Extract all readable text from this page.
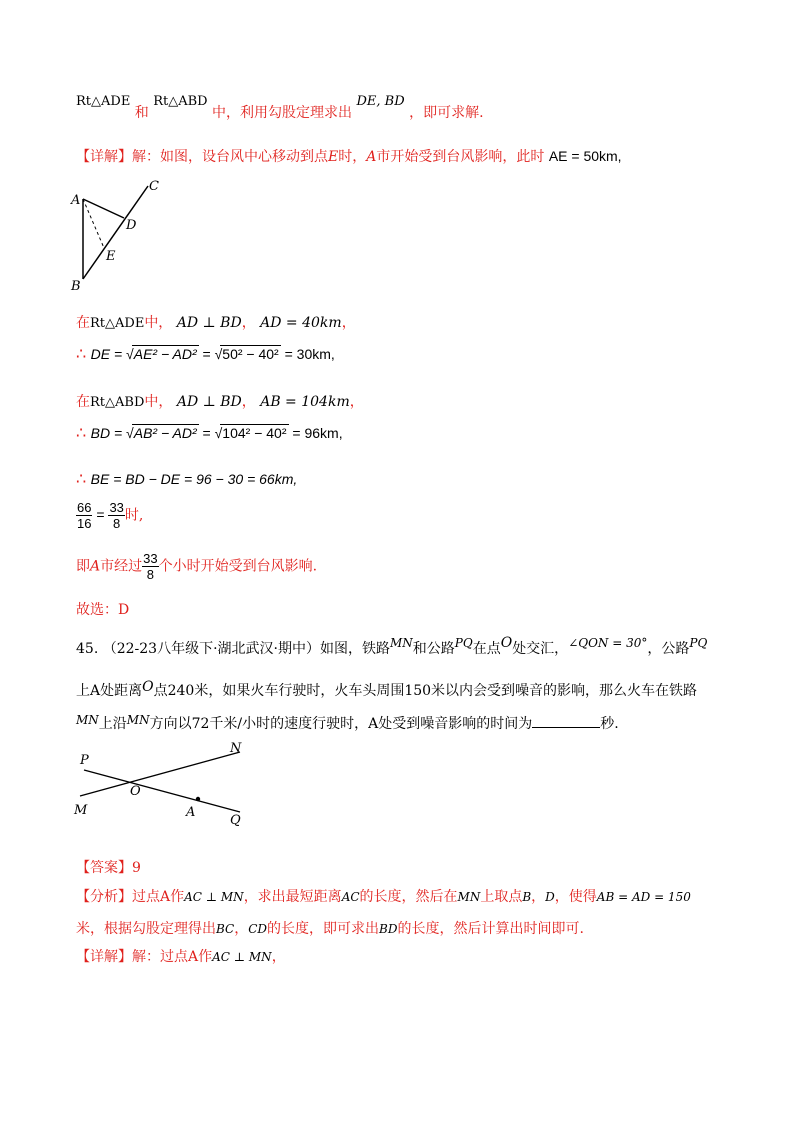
Rt△ADE 和 Rt△ABD 中，利用勾股定理求出 DE, BD ，即可求解.
【详解】解：如图，设台风中心移动到点E时，A市开始受到台风影响，此时 AE = 50km,
A
C
D
E
B
在Rt△ADE中， AD ⊥ BD， AD = 40km，
∴ DE = √AE² − AD² = √50² − 40² = 30km,
在Rt△ABD中， AD ⊥ BD， AB = 104km，
∴ BD = √AB² − AD² = √104² − 40² = 96km,
∴ BE = BD − DE = 96 − 30 = 66km,
$\frac{66}{16} = \frac{33}{8}$ 时,
即A市经过 $\frac{33}{8}$ 个小时开始受到台风影响.
故选：D
45. （22-23八年级下·湖北武汉·期中）如图，铁路MN和公路PQ在点O处交汇，∠QON = 30°，公路PQ
上A处距离O点240米，如果火车行驶时，火车头周围150米以内会受到噪音的影响，那么火车在铁路
MN上沿MN方向以72千米/小时的速度行驶时，A处受到噪音影响的时间为	秒.
P
N
O
M	A
Q
【答案】9
【分析】过点A作AC ⊥ MN，求出最短距离AC的长度，然后在MN上取点B，D，使得AB = AD = 150
米，根据勾股定理得出BC，CD的长度，即可求出BD的长度，然后计算出时间即可.
【详解】解：过点A作AC ⊥ MN，
